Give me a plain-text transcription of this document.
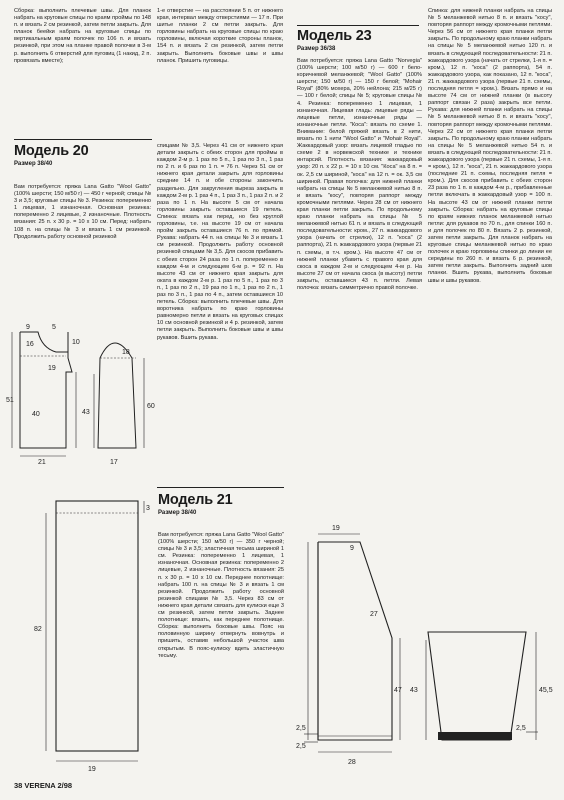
Сборка: выполнить плечевые швы. Для планок набрать на круговые спицы по краям проймы по 148 п. и вязать 2 см резинкой, затем петли закрыть. Для планок беейки набрать на круговые спицы по вертикальным краям полочек по 106 п. и вязать резинкой, при этом на планке правой полочки в 3-м р. выполнить 6 отверстий для пуговиц (1 накид, 2 п. провязать вместе);

1-е отверстие — на расстоянии 5 п. от нижнего края, интервал между отверстиями — 17 п. При шитье планки 2 см петли закрыть. Для горловины набрать на круговые спицы по краю горловины, включая короткие стороны планок, 154 п. и вязать 2 см резинкой, затем петли закрыть. Выполнить боковые швы и швы планок. Пришить пуговицы.

Модель 20
Размер 38/40

Вам потребуется: пряжа Lana Gatto "Wool Gatto" (100% шерсти; 150 м/50 г) — 450 г черной; спицы № 3 и 3,5; круговые спицы № 3. Резинка: попеременно 1 лицевая, 1 изнаночная. Основная резинка: попеременно 2 лицевые, 2 изнаночные. Плотность вязания: 25 п. х 30 р. = 10 х 10 см. Перед: набрать 108 п. на спицы № 3 и вязать 1 см резинкой. Продолжить работу основной резинкой

спицами № 3,5. Через 41 см от нижнего края детали закрыть с обеих сторон для проймы в каждом 2-м р. 1 раз по 5 п., 1 раз по 3 п., 1 раз по 2 п. и 6 раз по 1 п. = 76 п. Через 51 см от нижнего края детали закрыть для горловины средние 14 п. и обе стороны закончить раздельно. Для закругления выреза закрыть в каждом 2-м р. 1 раз 4 п., 1 раз 3 п., 1 раз 2 п. и 2 раза по 1 п. На высоте 5 см от начала горловины закрыть оставшиеся 19 петель. Спинка: вязать как перед, но без круглой горловины, т.е. на высоте 19 см от начала пройм закрыть оставшиеся 76 п. по прямой. Рукава: набрать 44 п. на спицы № 3 и вязать 1 см резинкой. Продолжить работу основной резинкой спицами № 3,5. Для скосов прибавить с обеих сторон 24 раза по 1 п. попеременно в каждом 4-м и следующем 6-м р. = 92 п. На высоте 43 см от нижнего края закрыть для оката в каждом 2-м р. 1 раз по 5 п., 1 раз по 3 п., 1 раз по 2 п., 19 раз по 1 п., 1 раз по 2 п., 1 раз по 3 п., 1 раз по 4 п., затем оставшиеся 10 петель. Сборка: выполнить плечевые швы. Для воротника набрать по краю горловины равномерно петли и вязать на круговых спицах 10 см основной резинкой и 4 р. резинкой, затем петли закрыть. Выполнить боковые швы и швы рукавов. Вшить рукава.

9	5
19
16	10
51
40	43
60
18
17
21
3
82
19
Модель 21
Размер 38/40

Вам потребуется: пряжа Lana Gatto "Wool Gatto" (100% шерсти; 150 м/50 г) — 350 г черной; спицы № 3 и 3,5; эластичная тесьма шириной 1 см. Резинка: попеременно 1 лицевая, 1 изнаночная. Основная резинка: попеременно 2 лицевые, 2 изнаночные. Плотность вязания: 25 п. х 30 р. = 10 х 10 см. Переднее полотнище: набрать 100 п. на спицы № 3 и вязать 1 см резинкой. Продолжить работу основной резинкой спицами № 3,5. Через 83 см от нижнего края детали связать для кулиски еще 3 см резинкой, затем петли закрыть. Заднее полотнище: вязать, как переднее полотнище. Сборка: выполнить боковые швы. Пояс на половинную ширину отвернуть вовнутрь и пришить, оставив небольшой участок шва открытым. В пояс-кулиску вдеть эластичную тесьму.

Модель 23
Размер 36/38

Вам потребуется: пряжа Lana Gatto "Norvegia" (100% шерсти; 100 м/50 г) — 600 г бело-коричневой меланжевой; "Wool Gatto" (100% шерсти; 150 м/50 г) — 150 г белой; "Mohair Royal" (80% мохера, 20% нейлона; 215 м/25 г) — 100 г белой; спицы № 5; круговые спицы № 4. Резинка: попеременно 1 лицевая, 1 изнаночная. Лицевая гладь: лицевые ряды — лицевые петли, изнаночные ряды — изнаночные петли. "Коса": вязать по схеме 1. Внимание: белой пряжей вязать в 2 нити, вязать по 1 нити "Wool Gatto" и "Mohair Royal". Жаккардовый узор: вязать лицевой гладью по схеме 2 в норвежской технике и технике интарсий. Плотность вязания: жаккардовый узор: 20 п. х 22 р. = 10 х 10 см. "Коса" на 8 п. = ок. 2,5 см шириной, "коса" на 12 п. = ок. 3,5 см шириной. Правая полочка: для нижней планки набрать на спицы № 5 меланжевой нитью 8 п. и вязать "косу", повторяя раппорт между кромочными петлями. Через 28 см от нижнего края планки петли закрыть. По продольному краю планки набрать на спицы № 5 меланжевой нитью 61 п. и вязать в следующей последовательности: кром., 27 п. жаккардового узора (начать от стрелки), 12 п. "коса" (2 раппорта), 21 п. жаккардового узора (первые 21 п. схемы, в т.ч. кром.). На высоте 47 см от нижней планки убавить с правого края для скоса в каждом 2-м и следующем 4-м р. На высоте 27 см от начала скоса (в высоту) петли закрыть, оставшиеся 43 п. петли. Левая полочка: вязать симметрично правой полочке.

Спинка: для нижней планки набрать на спицы № 5 меланжевой нитью 8 п. и вязать "косу", повторяя раппорт между кромочными петлями. Через 56 см от нижнего края планки петли закрыть. По продольному краю планки набрать на спицы № 5 меланжевой нитью 120 п. и вязать в следующей последовательности: 21 п. жаккардового узора (начать от стрелки, 1-я п. = кром.), 12 п. "коса" (2 раппорта), 54 п. жаккардового узора, как показано, 12 п. "коса", 21 п. жаккардового узора (первые 21 п. схемы, последняя петля = кром.). Вязать прямо и на высоте 74 см от нижней планки (в высоту раппорт связан 2 раза) закрыть все петли. Рукава: для нижней планки набрать на спицы № 5 меланжевой нитью 8 п. и вязать "косу", повторяя раппорт между кромочными петлями. Через 22 см от нижнего края планки петли закрыть. По продольному краю планки набрать на спицы № 5 меланжевой нитью 54 п. и вязать в следующей последовательности: 21 п. жаккардового узора (первые 21 п. схемы, 1-я п. = кром.), 12 п. "коса", 21 п. жаккардового узора (последние 21 п. схемы, последняя петля = кром.). Для скосов прибавить с обеих сторон 23 раза по 1 п. в каждом 4-м р., прибавленные петли включать в жаккардовый узор = 100 п. На высоте 43 см от нижней планки петли закрыть. Сборка: набрать на круговые спицы по краям нижних планок меланжевой нитью петли: для рукавов по 70 п., для спинки 160 п. и для полочек по 80 п. Вязать 2 р. резинкой, затем петли закрыть. Для планок набрать на круговые спицы меланжевой нитью по краю полочек и краю горловины спинки до линии ее середины по 260 п. и вязать 6 р. резинкой, затем петли закрыть. Выполнить задний шов планки. Вшить рукава, выполнить боковые швы и швы рукавов.

19
9
27
47 43	45,5
28
2,5
2,5
2,5
38 VERENA 2/98
